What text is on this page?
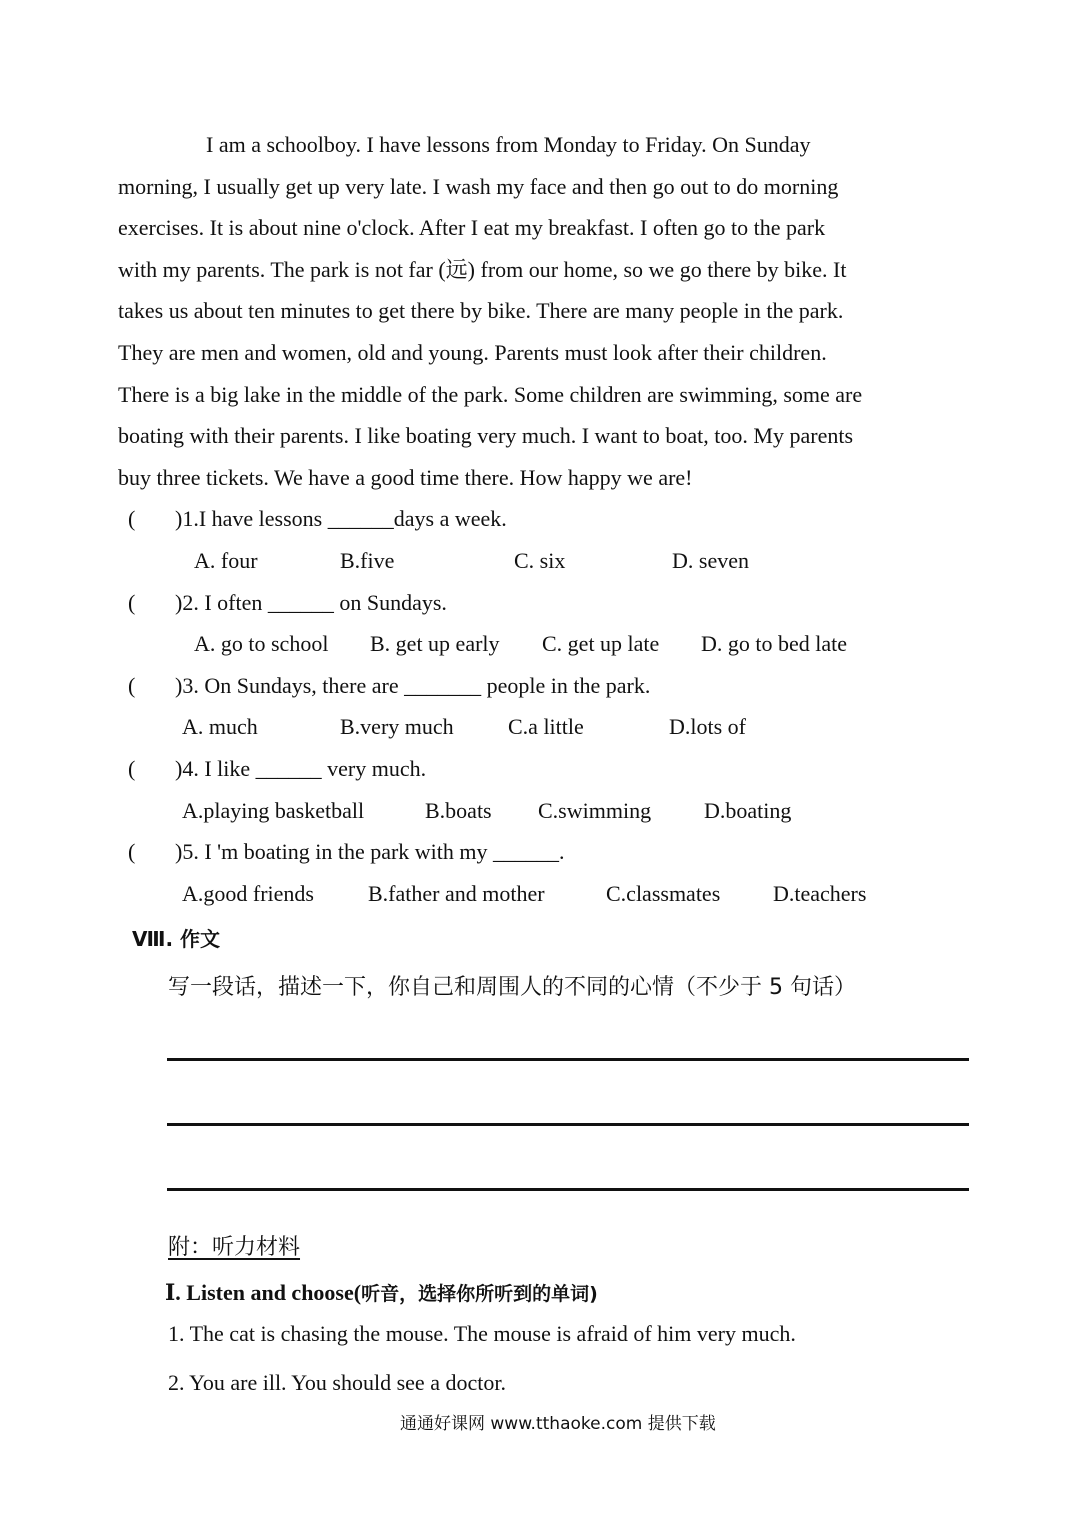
I am a schoolboy. I have lessons from Monday to Friday. On Sunday
morning, I usually get up very late. I wash my face and then go out to do morning
exercises. It is about nine o'clock. After I eat my breakfast. I often go to the park
with my parents. The park is not far (远) from our home, so we go there by bike. It
takes us about ten minutes to get there by bike. There are many people in the park.
They are men and women, old and young. Parents must look after their children.
There is a big lake in the middle of the park. Some children are swimming, some are
boating with their parents. I like boating very much. I want to boat, too. My parents
buy three tickets. We have a good time there. How happy we are!
( )1.I have lessons ______days a week.
A. four	B.five	C. six	D. seven
( )2. I often ______ on Sundays.
A. go to school B. get up early C. get up late D. go to bed late
( )3. On Sundays, there are _______ people in the park.
A. much	B.very much C.a little	D.lots of
( )4. I like ______ very much.
A.playing basketball	B.boats C.swimming D.boating
( )5. I 'm boating in the park with my ______.
A.good friends B.father and mother	C.classmates D.teachers
Ⅷ. 作文
写一段话，描述一下，你自己和周围人的不同的心情（不少于 5 句话）
附：听力材料
Ⅰ. Listen and choose(听音，选择你所听到的单词)
1. The cat is chasing the mouse. The mouse is afraid of him very much.
2. You are ill. You should see a doctor.
通通好课网 www.tthaoke.com 提供下载
